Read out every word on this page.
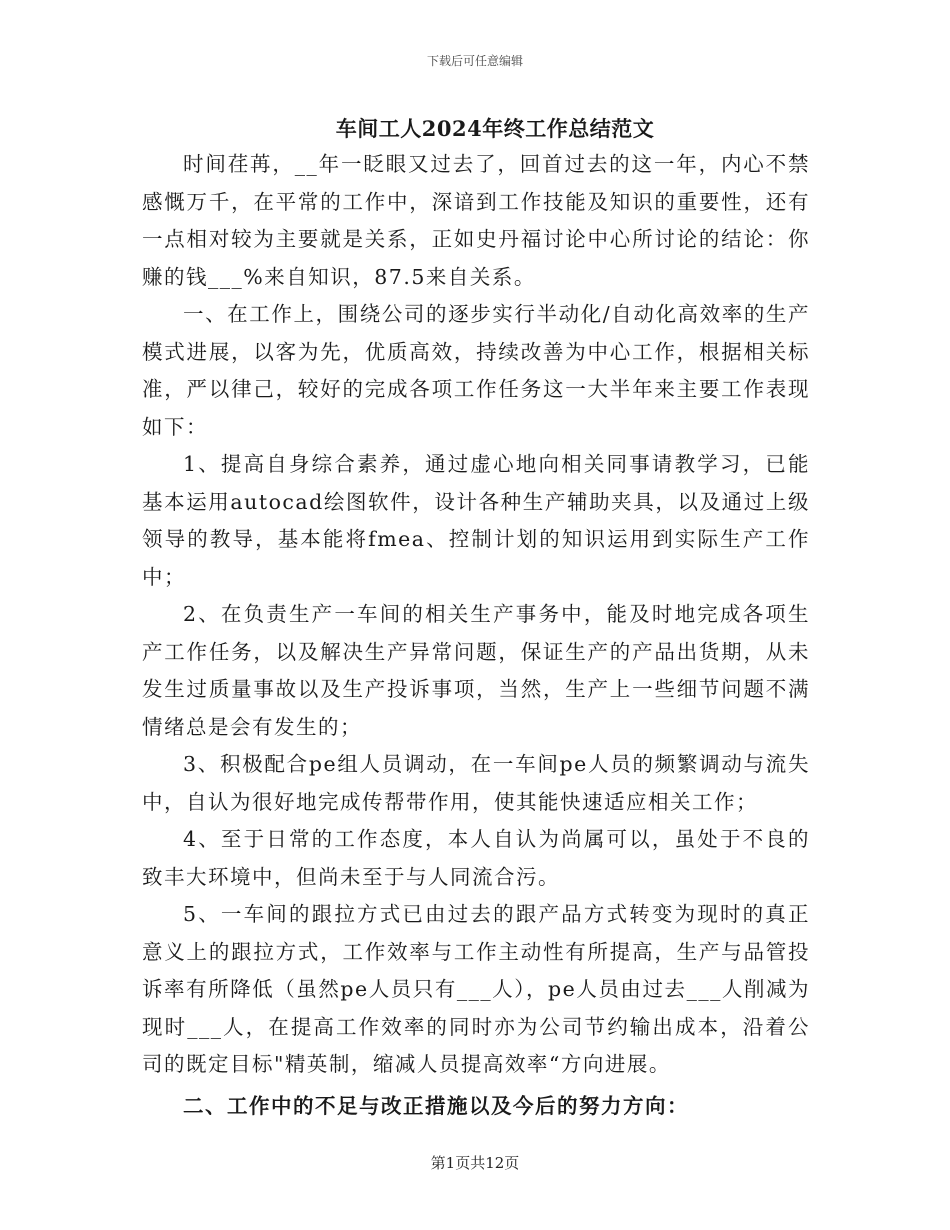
下载后可任意编辑
车间工人2024年终工作总结范文

时间荏苒，__年一眨眼又过去了，回首过去的这一年，内心不禁感慨万千，在平常的工作中，深谙到工作技能及知识的重要性，还有一点相对较为主要就是关系，正如史丹福讨论中心所讨论的结论：你赚的钱___%来自知识，87.5来自关系。

一、在工作上，围绕公司的逐步实行半动化/自动化高效率的生产模式进展，以客为先，优质高效，持续改善为中心工作，根据相关标准，严以律己，较好的完成各项工作任务这一大半年来主要工作表现如下：

1、提高自身综合素养，通过虚心地向相关同事请教学习，已能基本运用autocad绘图软件，设计各种生产辅助夹具，以及通过上级领导的教导，基本能将fmea、控制计划的知识运用到实际生产工作中；

2、在负责生产一车间的相关生产事务中，能及时地完成各项生产工作任务，以及解决生产异常问题，保证生产的产品出货期，从未发生过质量事故以及生产投诉事项，当然，生产上一些细节问题不满情绪总是会有发生的；

3、积极配合pe组人员调动，在一车间pe人员的频繁调动与流失中，自认为很好地完成传帮带作用，使其能快速适应相关工作；

4、至于日常的工作态度，本人自认为尚属可以，虽处于不良的致丰大环境中，但尚未至于与人同流合污。

5、一车间的跟拉方式已由过去的跟产品方式转变为现时的真正意义上的跟拉方式，工作效率与工作主动性有所提高，生产与品管投诉率有所降低（虽然pe人员只有___人），pe人员由过去___人削减为现时___人，在提高工作效率的同时亦为公司节约输出成本，沿着公司的既定目标"精英制，缩减人员提高效率“方向进展。

二、工作中的不足与改正措施以及今后的努力方向：

第1页共12页
